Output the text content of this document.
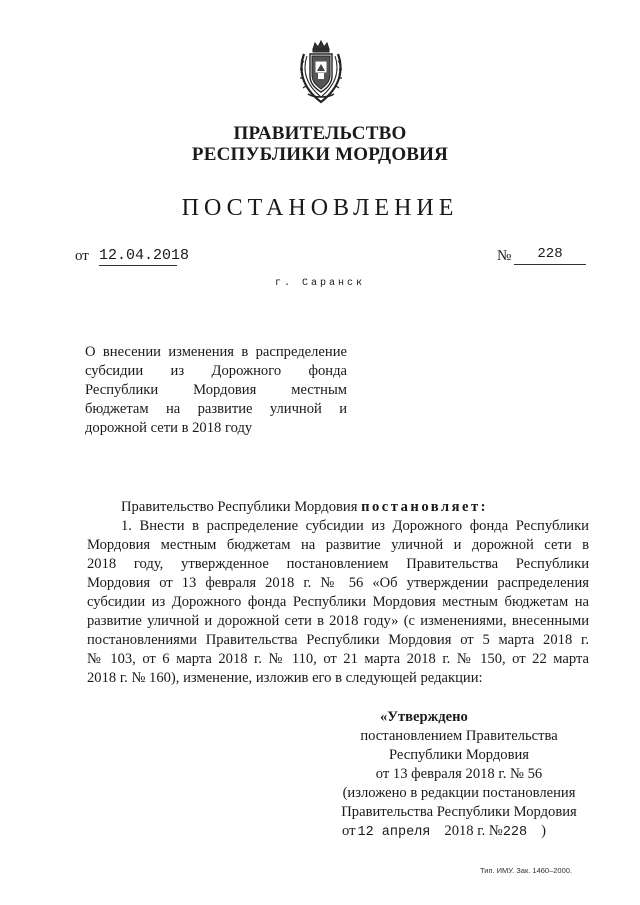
ПРАВИТЕЛЬСТВО
РЕСПУБЛИКИ МОРДОВИЯ
ПОСТАНОВЛЕНИЕ
от 12.04.2018	№	228
г. Саранск
О внесении изменения в распределение
субсидии из Дорожного фонда
Республики Мордовия местным
бюджетам на развитие уличной и
дорожной сети в 2018 году
Правительство Республики Мордовия постановляет:
1. Внести в распределение субсидии из Дорожного фонда Республики
Мордовия местным бюджетам на развитие уличной и дорожной сети в
2018 году, утвержденное постановлением Правительства Республики
Мордовия от 13 февраля 2018 г. № 56 «Об утверждении распределения
субсидии из Дорожного фонда Республики Мордовия местным бюджетам на
развитие уличной и дорожной сети в 2018 году» (с изменениями, внесенными
постановлениями Правительства Республики Мордовия от 5 марта 2018 г.
№ 103, от 6 марта 2018 г. № 110, от 21 марта 2018 г. № 150, от 22 марта
2018 г. № 160), изменение, изложив его в следующей редакции:
«Утверждено
постановлением Правительства
Республики Мордовия
от 13 февраля 2018 г. № 56
(изложено в редакции постановления
Правительства Республики Мордовия
от 12 апреля 2018 г. №228 )
Тип. ИМУ. Зак. 1460–2000.
